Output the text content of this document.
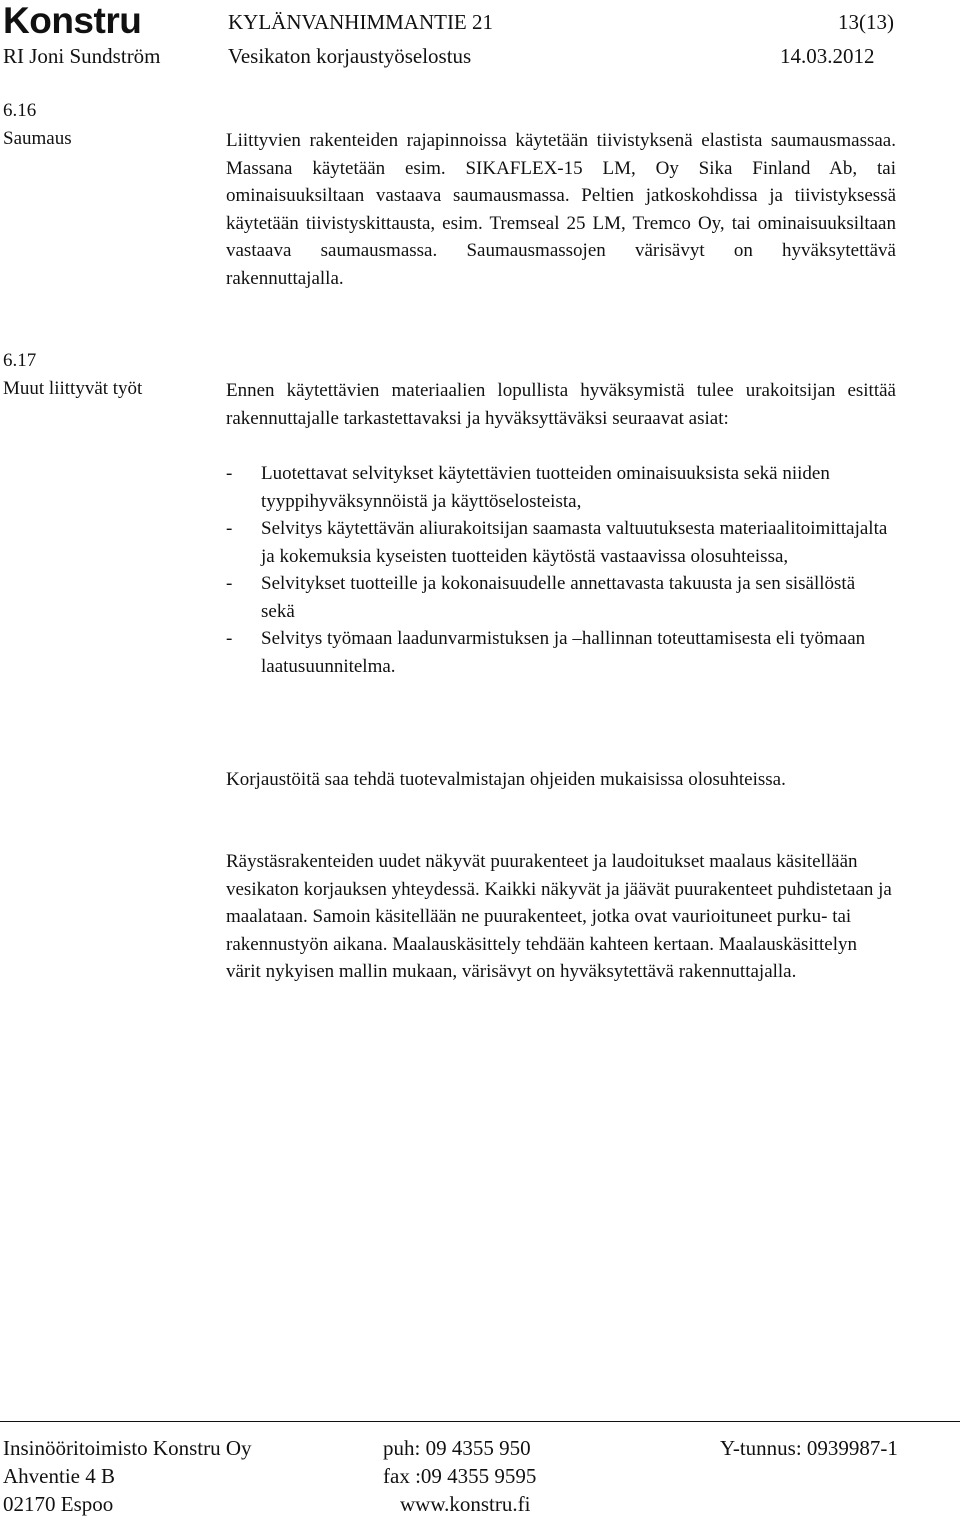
Konstru	KYLÄNVANHIMMANTIE 21	13(13)
RI Joni Sundström	Vesikaton korjaustyöselostus	14.03.2012
6.16
Saumaus	Liittyvien rakenteiden rajapinnoissa käytetään tiivistyksenä elastista saumausmassaa. Massana käytetään esim. SIKAFLEX-15 LM, Oy Sika Finland Ab, tai ominaisuuksiltaan vastaava saumausmassa. Peltien jatkoskohdissa ja tiivistyksessä käytetään tiivistyskittausta, esim. Tremseal 25 LM, Tremco Oy, tai ominaisuuksiltaan vastaava saumausmassa. Saumausmassojen värisävyt on hyväksytettävä rakennuttajalla.
6.17
Muut liittyvät työt	Ennen käytettävien materiaalien lopullista hyväksymistä tulee urakoitsijan esittää rakennuttajalle tarkastettavaksi ja hyväksyttäväksi seuraavat asiat:
- Luotettavat selvitykset käytettävien tuotteiden ominaisuuksista sekä niiden tyyppihyväksynnöistä ja käyttöselosteista,
- Selvitys käytettävän aliurakoitsijan saamasta valtuutuksesta materiaalitoimittajalta ja kokemuksia kyseisten tuotteiden käytöstä vastaavissa olosuhteissa,
- Selvitykset tuotteille ja kokonaisuudelle annettavasta takuusta ja sen sisällöstä
sekä
- Selvitys työmaan laadunvarmistuksen ja –hallinnan toteuttamisesta eli työmaan laatusuunnitelma.
Korjaustöitä saa tehdä tuotevalmistajan ohjeiden mukaisissa olosuhteissa.
Räystäsrakenteiden uudet näkyvät puurakenteet ja laudoitukset maalaus käsitellään vesikaton korjauksen yhteydessä. Kaikki näkyvät ja jäävät puurakenteet puhdistetaan ja maalataan. Samoin käsitellään ne puurakenteet, jotka ovat vaurioituneet purku- tai rakennustyön aikana. Maalauskäsittely tehdään kahteen kertaan. Maalauskäsittelyn värit nykyisen mallin mukaan, värisävyt on hyväksytettävä rakennuttajalla.
Insinööritoimisto Konstru Oy	puh: 09 4355 950	Y-tunnus: 0939987-1
Ahventie 4 B	fax :09 4355 9595
02170 Espoo	www.konstru.fi
